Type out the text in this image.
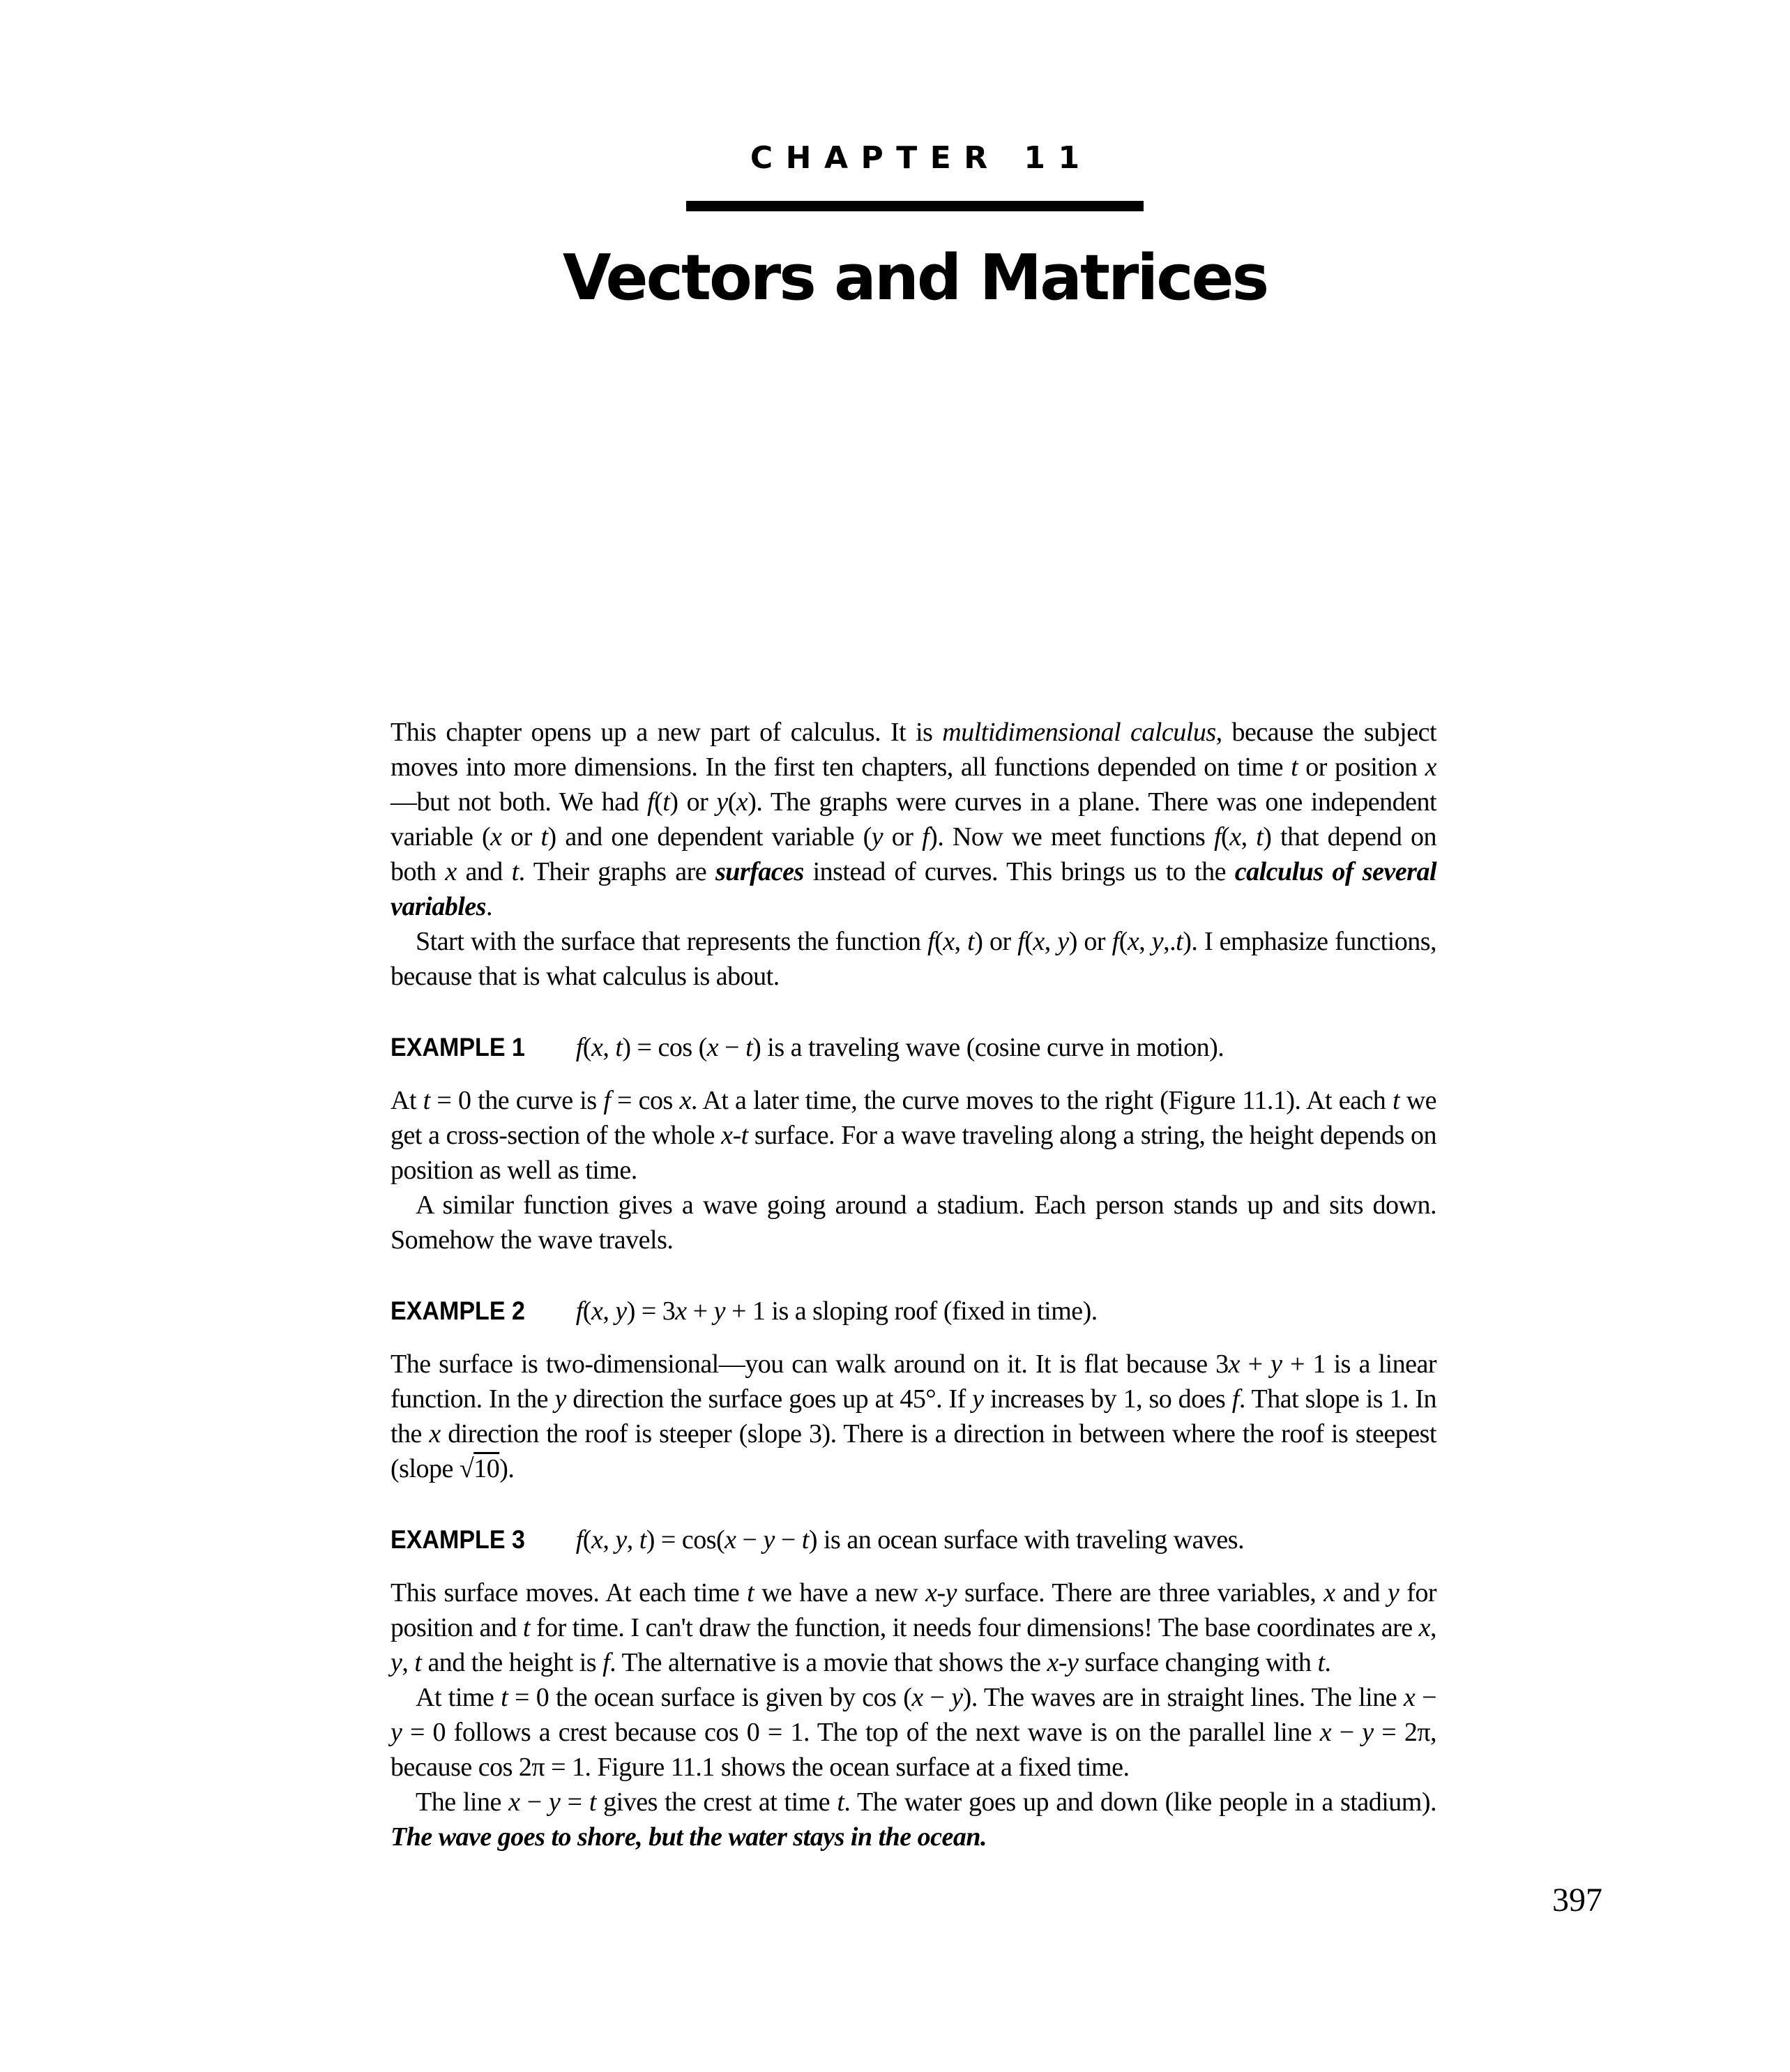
CHAPTER 11
Vectors and Matrices

This chapter opens up a new part of calculus. It is multidimensional calculus, because the subject moves into more dimensions. In the first ten chapters, all functions depended on time t or position x—but not both. We had f(t) or y(x). The graphs were curves in a plane. There was one independent variable (x or t) and one dependent variable (y or f). Now we meet functions f(x, t) that depend on both x and t. Their graphs are surfaces instead of curves. This brings us to the calculus of several variables.

Start with the surface that represents the function f(x, t) or f(x, y) or f(x, y,.t). I emphasize functions, because that is what calculus is about.

EXAMPLE 1 f(x, t) = cos (x − t) is a traveling wave (cosine curve in motion).

At t = 0 the curve is f = cos x. At a later time, the curve moves to the right (Figure 11.1). At each t we get a cross-section of the whole x-t surface. For a wave traveling along a string, the height depends on position as well as time.

A similar function gives a wave going around a stadium. Each person stands up and sits down. Somehow the wave travels.

EXAMPLE 2 f(x, y) = 3x + y + 1 is a sloping roof (fixed in time).

The surface is two-dimensional—you can walk around on it. It is flat because 3x + y + 1 is a linear function. In the y direction the surface goes up at 45°. If y increases by 1, so does f. That slope is 1. In the x direction the roof is steeper (slope 3). There is a direction in between where the roof is steepest (slope √10).

EXAMPLE 3 f(x, y, t) = cos(x − y − t) is an ocean surface with traveling waves.

This surface moves. At each time t we have a new x-y surface. There are three variables, x and y for position and t for time. I can't draw the function, it needs four dimensions! The base coordinates are x, y, t and the height is f. The alternative is a movie that shows the x-y surface changing with t.

At time t = 0 the ocean surface is given by cos (x − y). The waves are in straight lines. The line x − y = 0 follows a crest because cos 0 = 1. The top of the next wave is on the parallel line x − y = 2π, because cos 2π = 1. Figure 11.1 shows the ocean surface at a fixed time.

The line x − y = t gives the crest at time t. The water goes up and down (like people in a stadium). The wave goes to shore, but the water stays in the ocean.

397
